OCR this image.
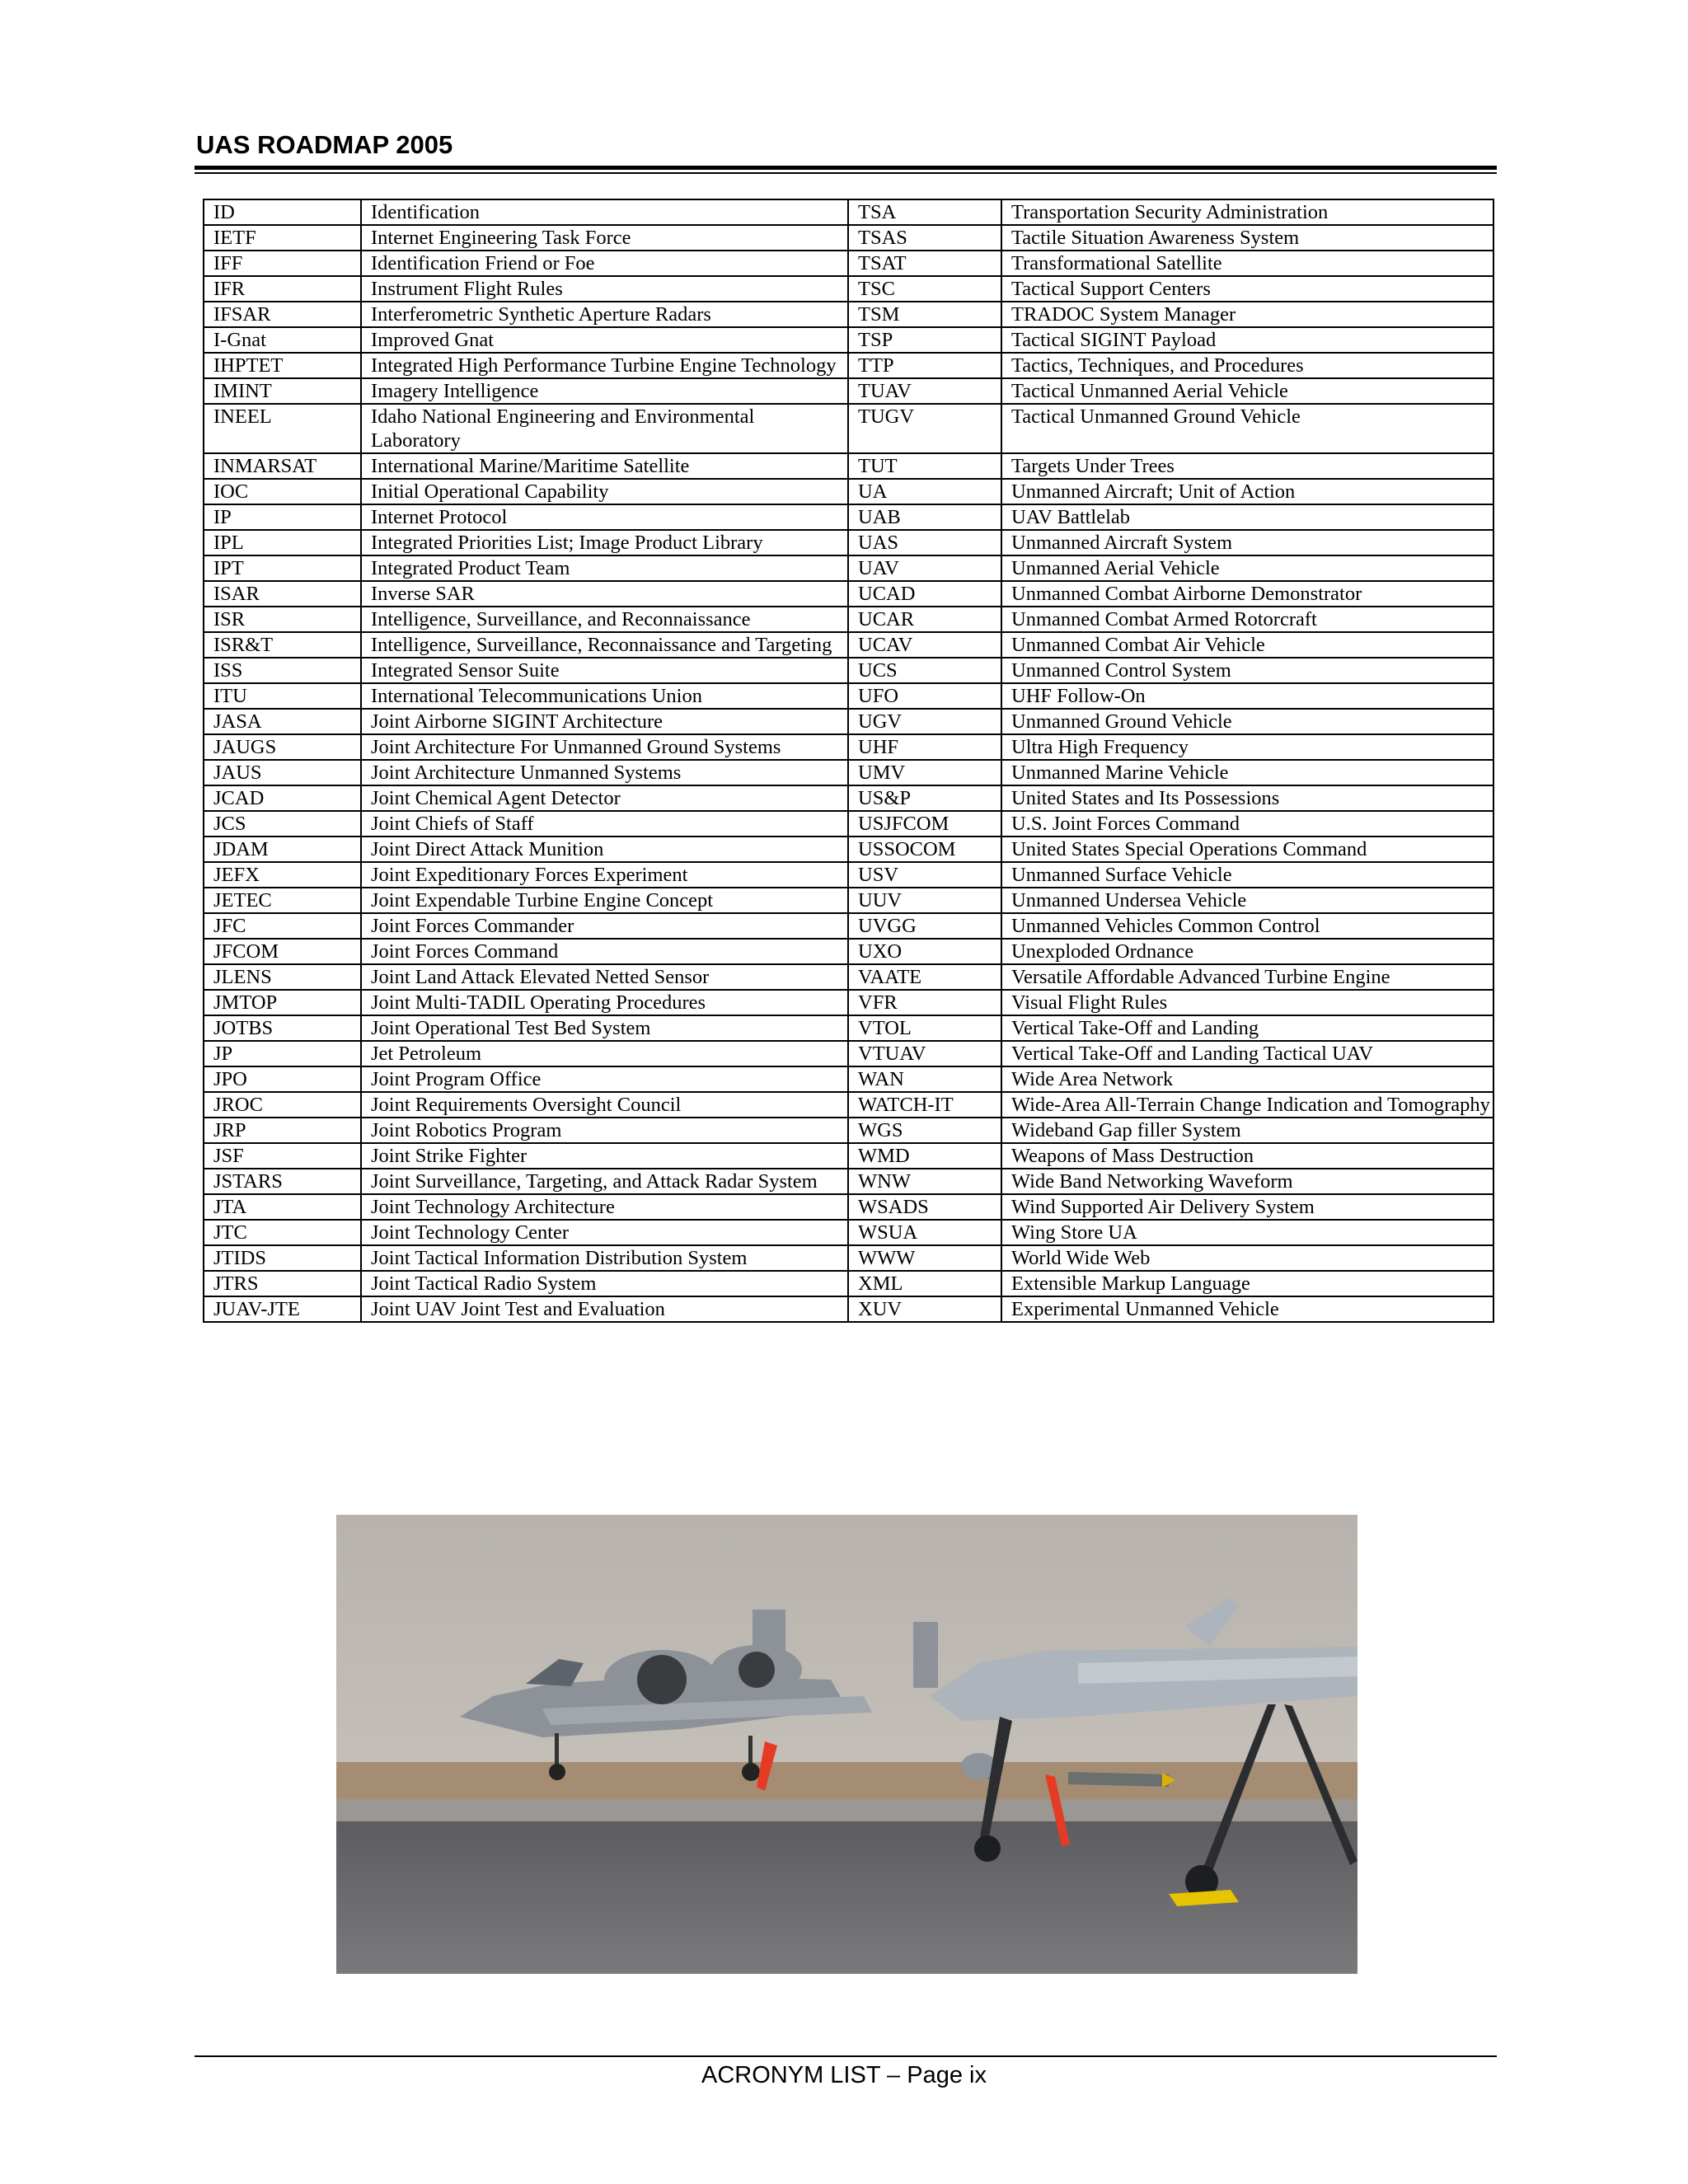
UAS ROADMAP 2005
ID	Identification	TSA	Transportation Security Administration
IETF	Internet Engineering Task Force	TSAS	Tactile Situation Awareness System
IFF	Identification Friend or Foe	TSAT	Transformational Satellite
IFR	Instrument Flight Rules	TSC	Tactical Support Centers
IFSAR	Interferometric Synthetic Aperture Radars	TSM	TRADOC System Manager
I-Gnat	Improved Gnat	TSP	Tactical SIGINT Payload
IHPTET	Integrated High Performance Turbine Engine Technology	TTP	Tactics, Techniques, and Procedures
IMINT	Imagery Intelligence	TUAV	Tactical Unmanned Aerial Vehicle
INEEL	Idaho National Engineering and Environmental Laboratory	TUGV	Tactical Unmanned Ground Vehicle
INMARSAT	International Marine/Maritime Satellite	TUT	Targets Under Trees
IOC	Initial Operational Capability	UA	Unmanned Aircraft; Unit of Action
IP	Internet Protocol	UAB	UAV Battlelab
IPL	Integrated Priorities List; Image Product Library	UAS	Unmanned Aircraft System
IPT	Integrated Product Team	UAV	Unmanned Aerial Vehicle
ISAR	Inverse SAR	UCAD	Unmanned Combat Airborne Demonstrator
ISR	Intelligence, Surveillance, and Reconnaissance	UCAR	Unmanned Combat Armed Rotorcraft
ISR&T	Intelligence, Surveillance, Reconnaissance and Targeting	UCAV	Unmanned Combat Air Vehicle
ISS	Integrated Sensor Suite	UCS	Unmanned Control System
ITU	International Telecommunications Union	UFO	UHF Follow-On
JASA	Joint Airborne SIGINT Architecture	UGV	Unmanned Ground Vehicle
JAUGS	Joint Architecture For Unmanned Ground Systems	UHF	Ultra High Frequency
JAUS	Joint Architecture Unmanned Systems	UMV	Unmanned Marine Vehicle
JCAD	Joint Chemical Agent Detector	US&P	United States and Its Possessions
JCS	Joint Chiefs of Staff	USJFCOM	U.S. Joint Forces Command
JDAM	Joint Direct Attack Munition	USSOCOM	United States Special Operations Command
JEFX	Joint Expeditionary Forces Experiment	USV	Unmanned Surface Vehicle
JETEC	Joint Expendable Turbine Engine Concept	UUV	Unmanned Undersea Vehicle
JFC	Joint Forces Commander	UVGG	Unmanned Vehicles Common Control
JFCOM	Joint Forces Command	UXO	Unexploded Ordnance
JLENS	Joint Land Attack Elevated Netted Sensor	VAATE	Versatile Affordable Advanced Turbine Engine
JMTOP	Joint Multi-TADIL Operating Procedures	VFR	Visual Flight Rules
JOTBS	Joint Operational Test Bed System	VTOL	Vertical Take-Off and Landing
JP	Jet Petroleum	VTUAV	Vertical Take-Off and Landing Tactical UAV
JPO	Joint Program Office	WAN	Wide Area Network
JROC	Joint Requirements Oversight Council	WATCH-IT	Wide-Area All-Terrain Change Indication and Tomography
JRP	Joint Robotics Program	WGS	Wideband Gap filler System
JSF	Joint Strike Fighter	WMD	Weapons of Mass Destruction
JSTARS	Joint Surveillance, Targeting, and Attack Radar System	WNW	Wide Band Networking Waveform
JTA	Joint Technology Architecture	WSADS	Wind Supported Air Delivery System
JTC	Joint Technology Center	WSUA	Wing Store UA
JTIDS	Joint Tactical Information Distribution System	WWW	World Wide Web
JTRS	Joint Tactical Radio System	XML	Extensible Markup Language
JUAV-JTE	Joint UAV Joint Test and Evaluation	XUV	Experimental Unmanned Vehicle
ACRONYM LIST – Page ix
